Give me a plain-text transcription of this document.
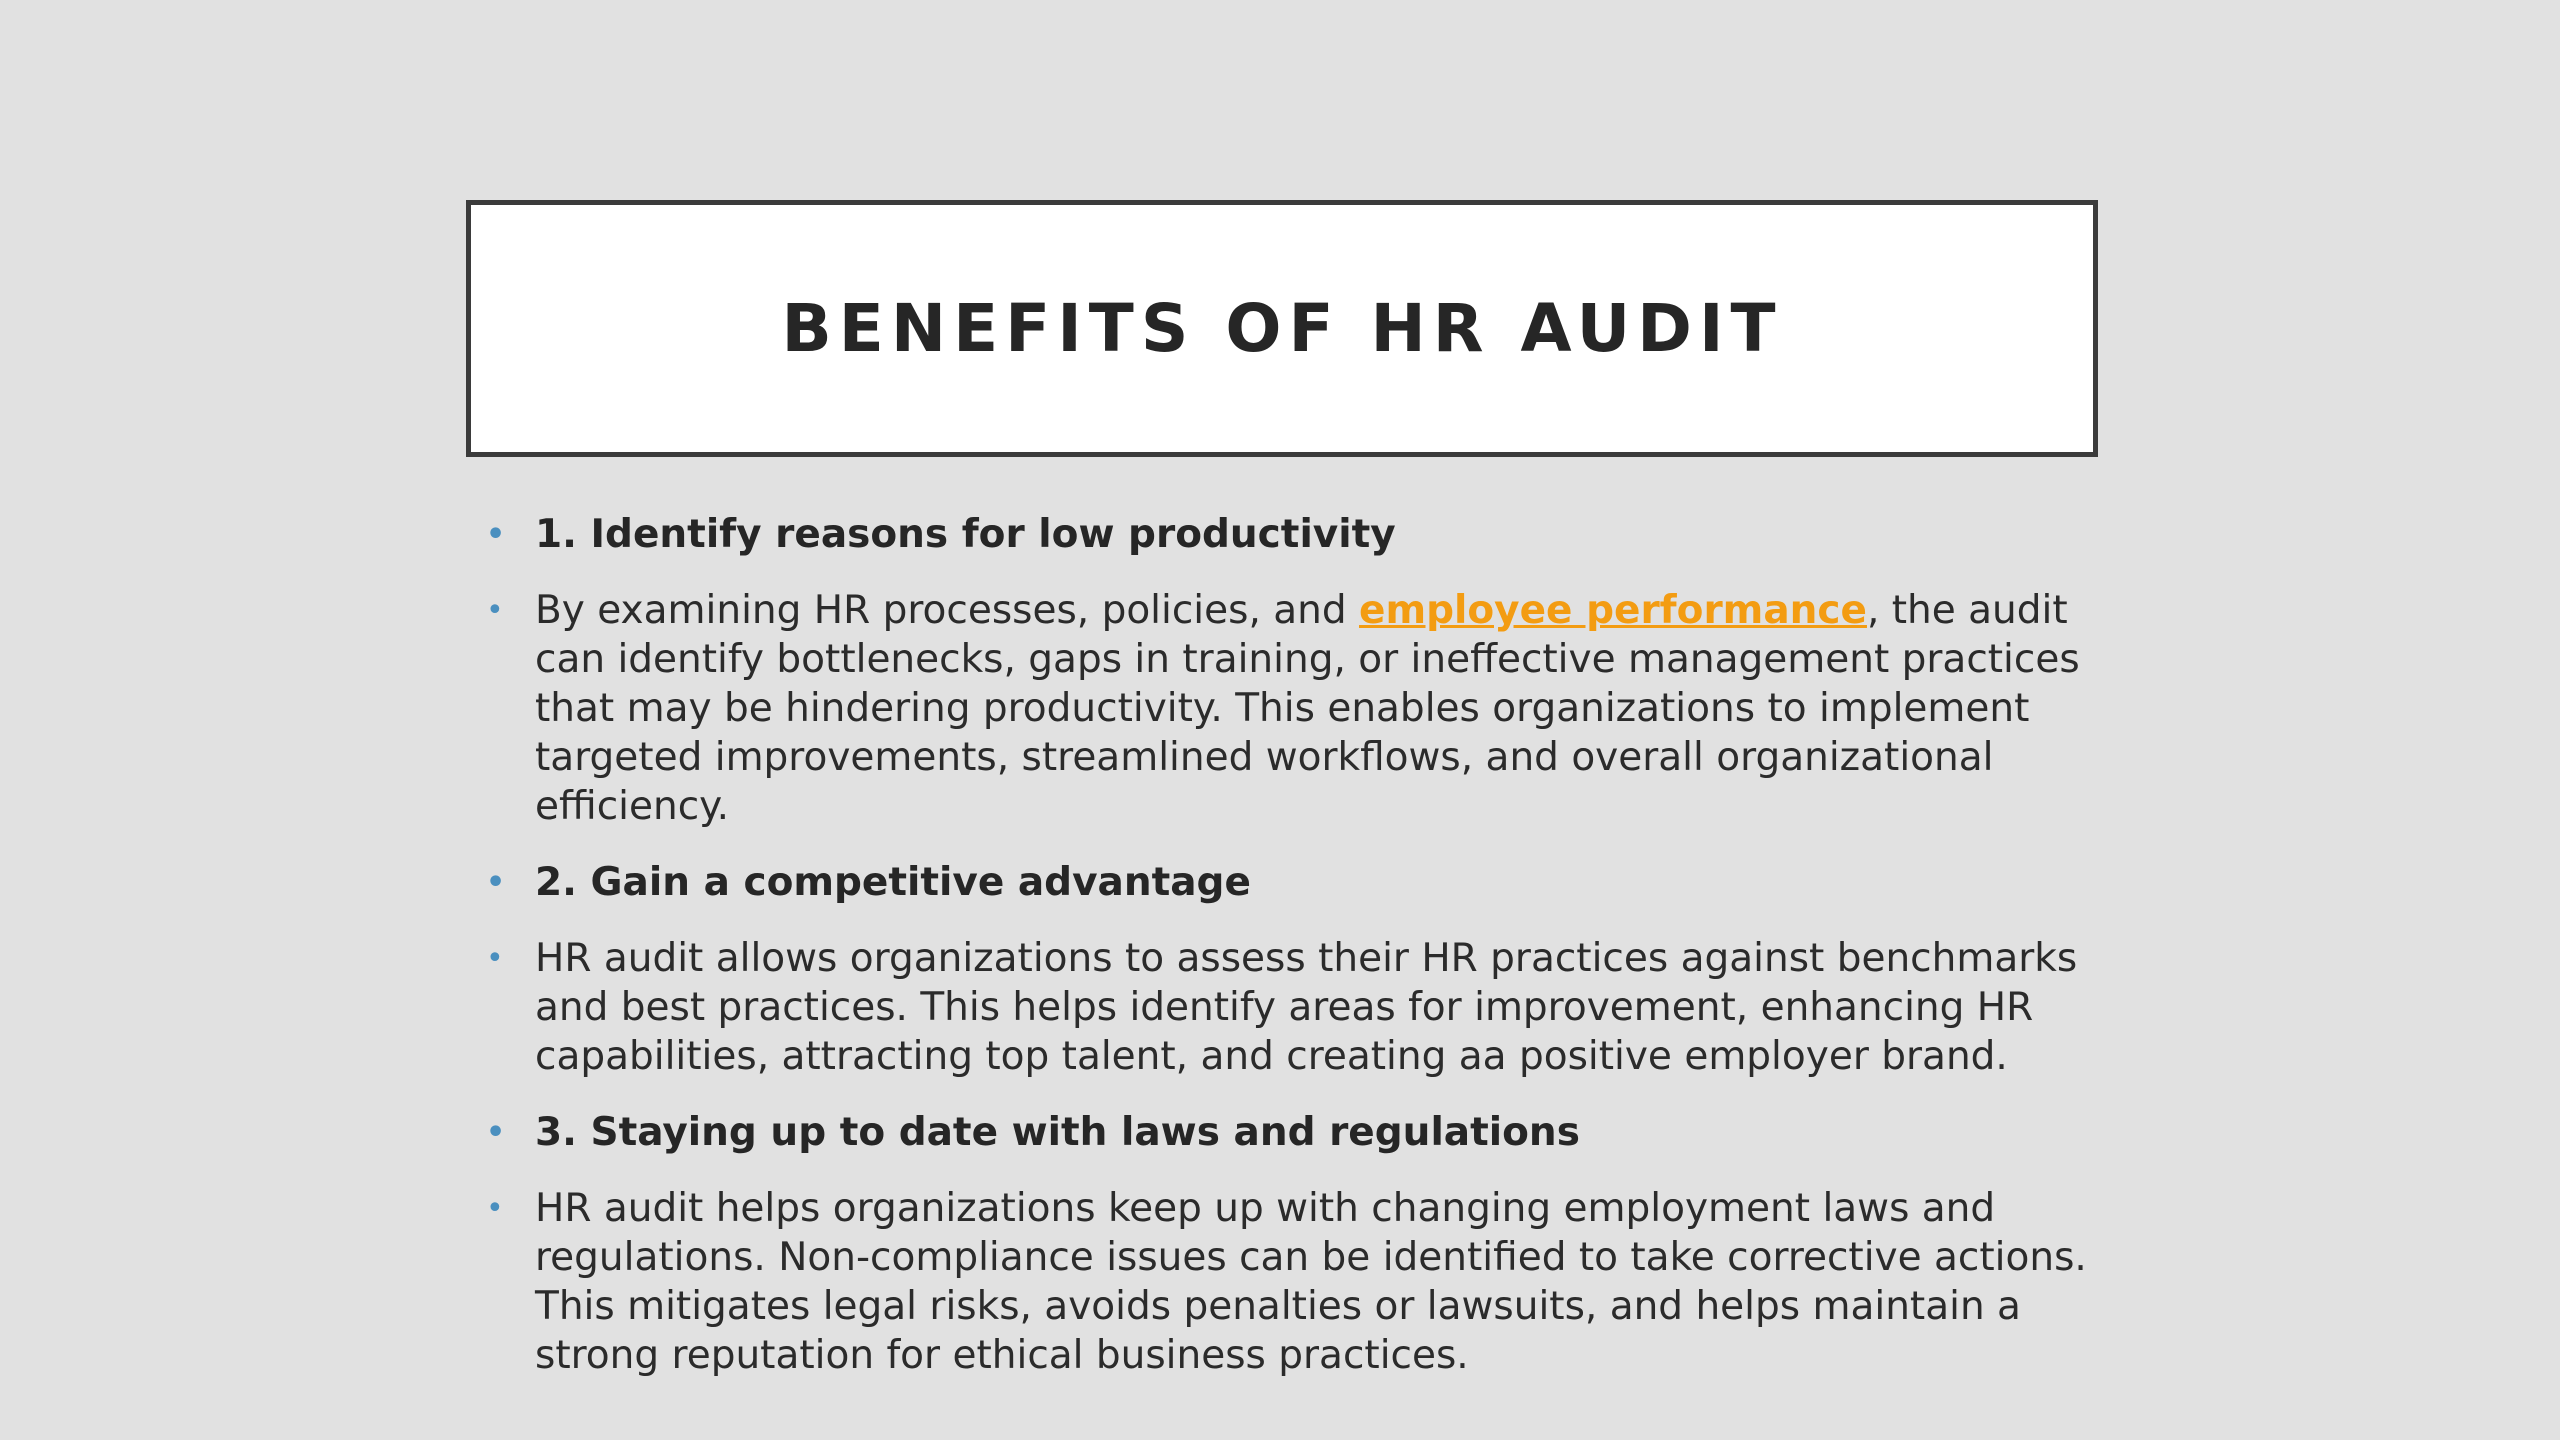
BENEFITS OF HR AUDIT
• 1. Identify reasons for low productivity
• By examining HR processes, policies, and employee performance, the audit can identify bottlenecks, gaps in training, or ineffective management practices that may be hindering productivity. This enables organizations to implement targeted improvements, streamlined workflows, and overall organizational efficiency.
• 2. Gain a competitive advantage
• HR audit allows organizations to assess their HR practices against benchmarks and best practices. This helps identify areas for improvement, enhancing HR capabilities, attracting top talent, and creating aa positive employer brand.
• 3. Staying up to date with laws and regulations
• HR audit helps organizations keep up with changing employment laws and regulations. Non-compliance issues can be identified to take corrective actions. This mitigates legal risks, avoids penalties or lawsuits, and helps maintain a strong reputation for ethical business practices.
